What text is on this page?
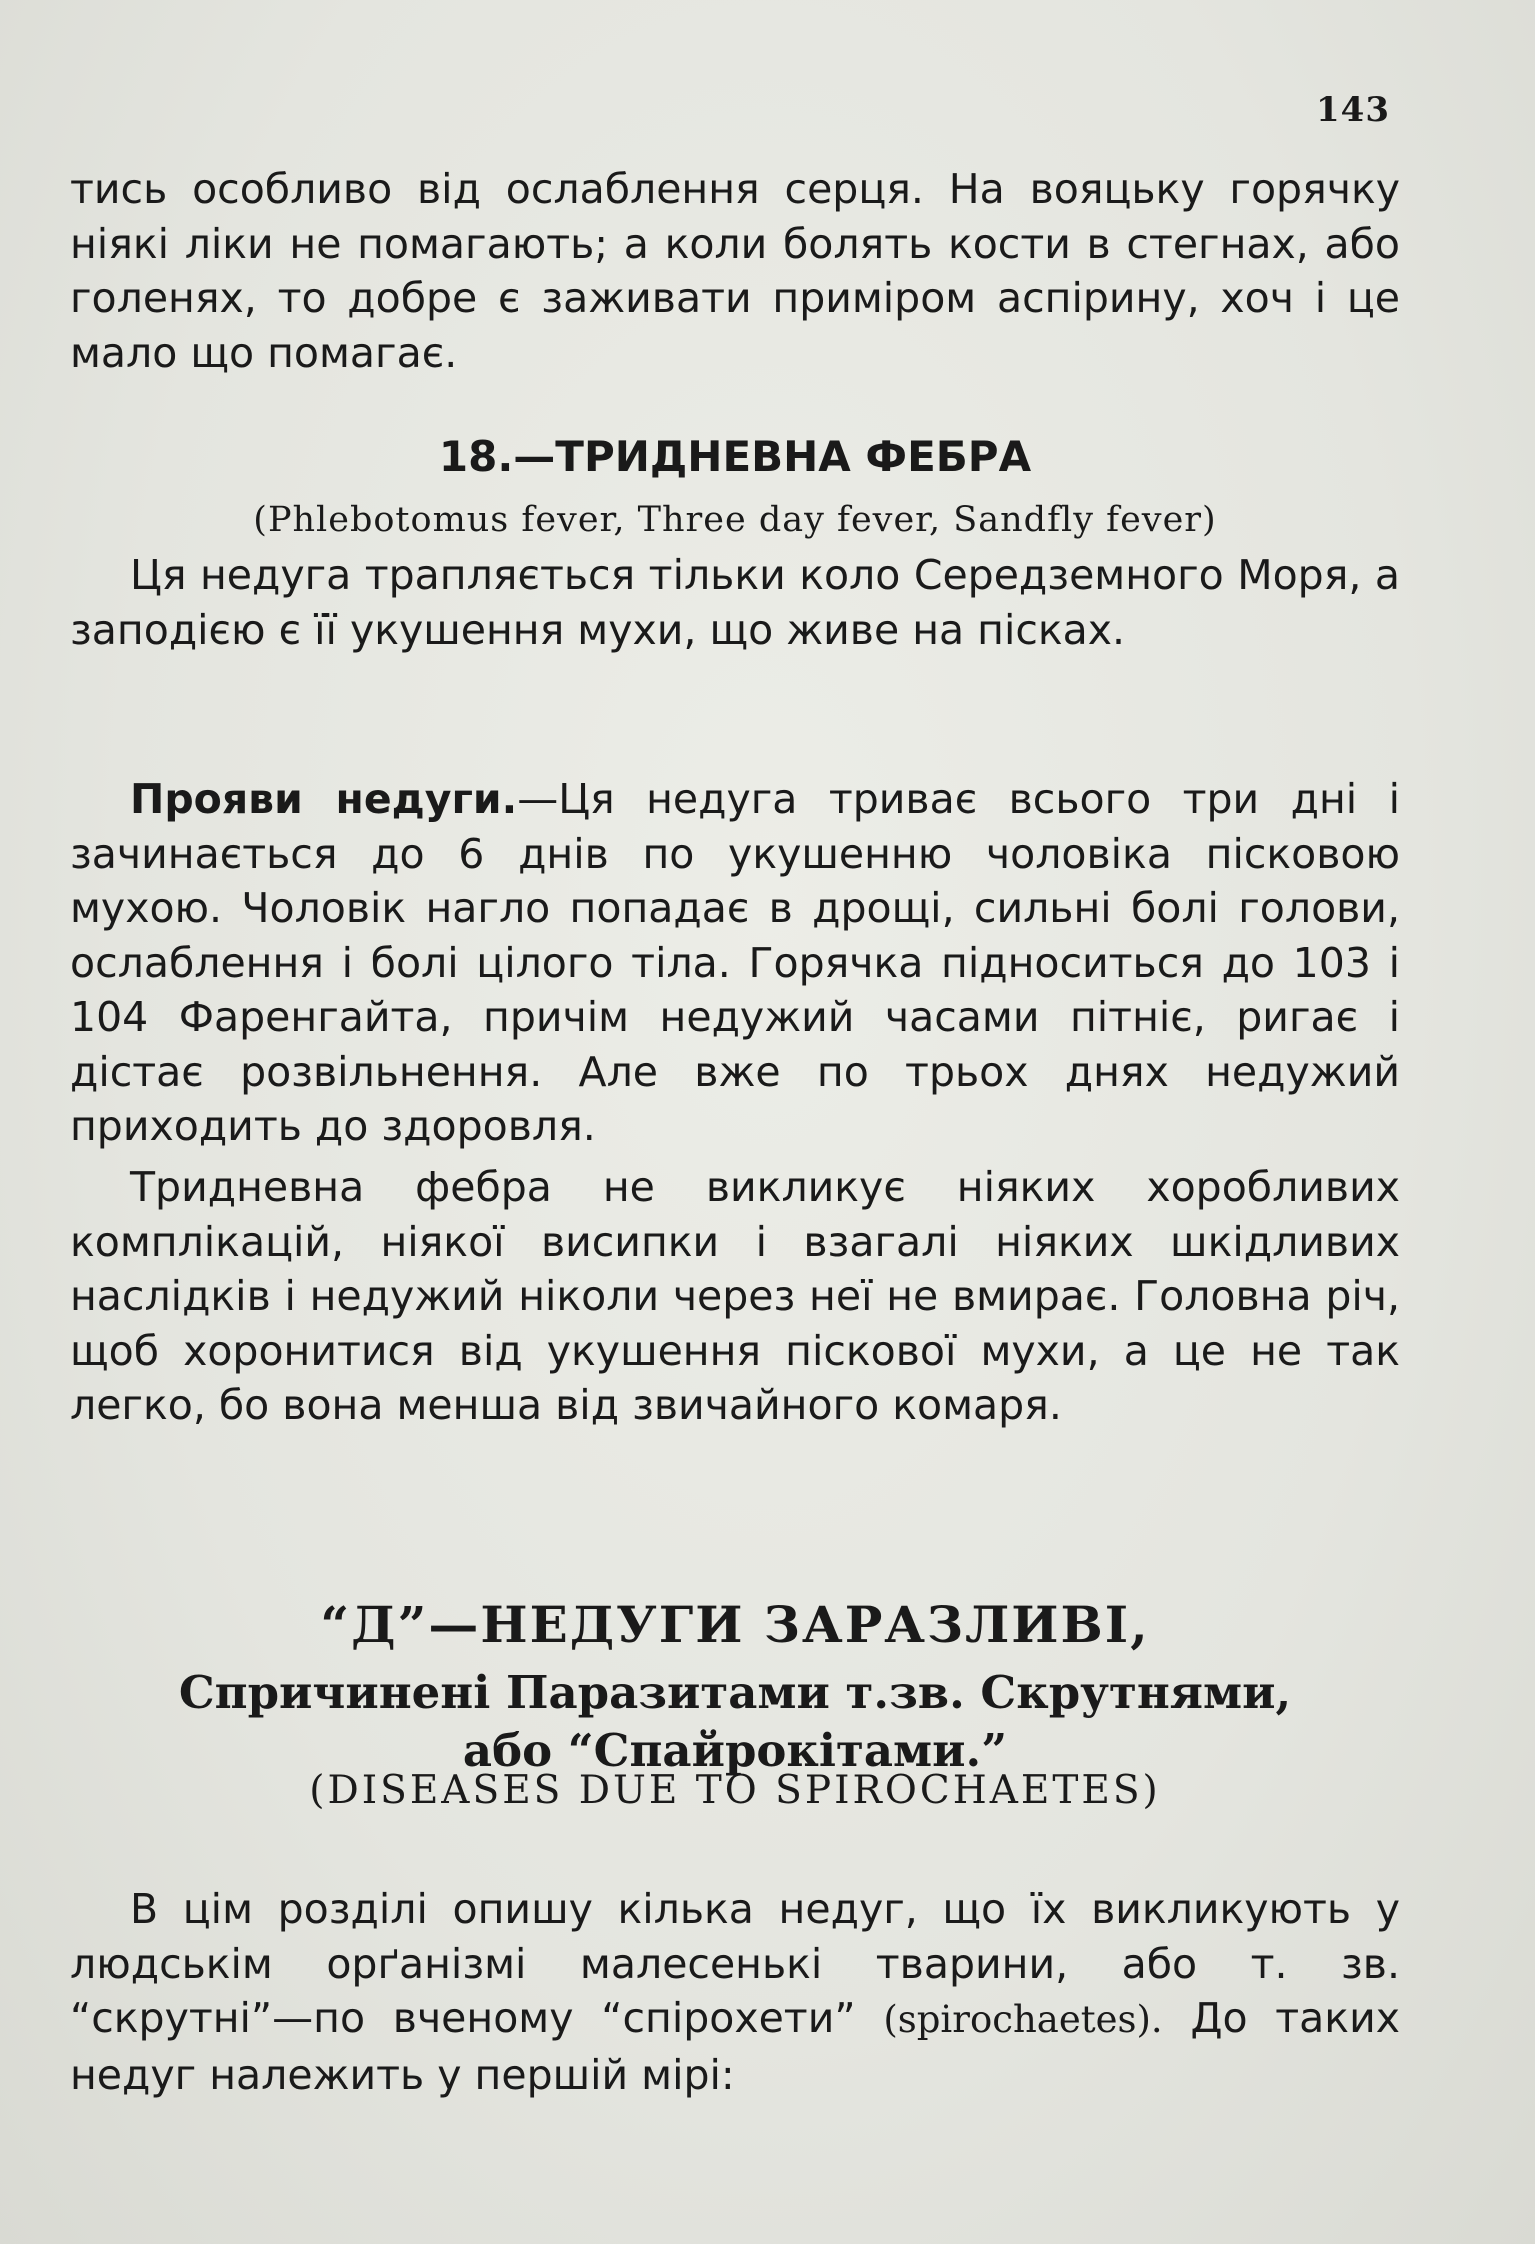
143

тись особливо від ослаблення серця. На вояцьку горячку ніякі ліки не помагають; а коли болять кости в стегнах, або голенях, то добре є заживати приміром аспірину, хоч і це мало що помагає.

18.—ТРИДНЕВНА ФЕБРА
(Phlebotomus fever, Three day fever, Sandfly fever)

Ця недуга трапляється тільки коло Середземного Моря, а заподією є її укушення мухи, що живе на пісках.

Прояви недуги.—Ця недуга триває всього три дні і зачинається до 6 днів по укушенню чоловіка пісковою мухою. Чоловік нагло попадає в дрощі, сильні болі голови, ослаблення і болі цілого тіла. Горячка підноситься до 103 і 104 Фаренгайта, причім недужий часами пітніє, ригає і дістає розвільнення. Але вже по трьох днях недужий приходить до здоровля.

Триднeвна фебра не викликує ніяких хоробливих комплікацій, ніякої висипки і взагалі ніяких шкідливих наслідків і недужий ніколи через неї не вмирає. Головна річ, щоб хоронитися від укушення піскової мухи, а це не так легко, бо вона менша від звичайного комаря.

“Д”—НЕДУГИ ЗАРАЗЛИВІ,
Спричинені Паразитами т.зв. Скрутнями,
або “Спайрокітами.”
(DISEASES DUE TO SPIROCHAETES)

В цім розділі опишу кілька недуг, що їх викликують у людськім орґанізмі малесенькі тварини, або т. зв. “скрутні”—по вченому “спірохети” (spirochaetes). До таких недуг належить у першій мірі:
